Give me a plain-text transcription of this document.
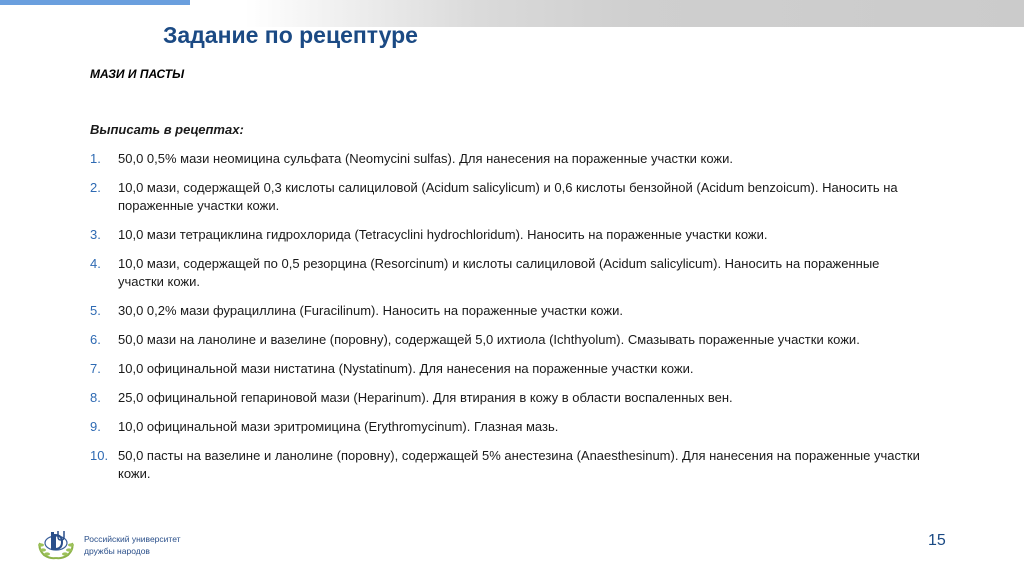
Задание по рецептуре
МАЗИ И ПАСТЫ
Выписать в рецептах:
1. 50,0 0,5% мази неомицина сульфата (Neomycini sulfas). Для нанесения на пораженные участки кожи.
2. 10,0 мази, содержащей 0,3 кислоты салициловой (Acidum salicylicum) и 0,6 кислоты бензойной (Acidum benzoicum). Наносить на пораженные участки кожи.
3. 10,0 мази тетрациклина гидрохлорида (Tetracyclini hydrochloridum). Наносить на пораженные участки кожи.
4. 10,0 мази, содержащей по 0,5 резорцина (Resorcinum) и кислоты салициловой (Acidum salicylicum). Наносить на пораженные участки кожи.
5. 30,0 0,2% мази фурациллина (Furacilinum). Наносить на пораженные участки кожи.
6. 50,0 мази на ланолине и вазелине (поровну), содержащей 5,0 ихтиола (Ichthyolum). Смазывать пораженные участки кожи.
7. 10,0 официнальной мази нистатина (Nystatinum). Для нанесения на пораженные участки кожи.
8. 25,0 официнальной гепариновой мази (Heparinum). Для втирания в кожу в области воспаленных вен.
9. 10,0 официнальной мази эритромицина (Erythromycinum). Глазная мазь.
10. 50,0 пасты на вазелине и ланолине (поровну), содержащей 5% анестезина (Anaesthesinum). Для нанесения на пораженные участки кожи.
Российский университет
дружбы народов
15
